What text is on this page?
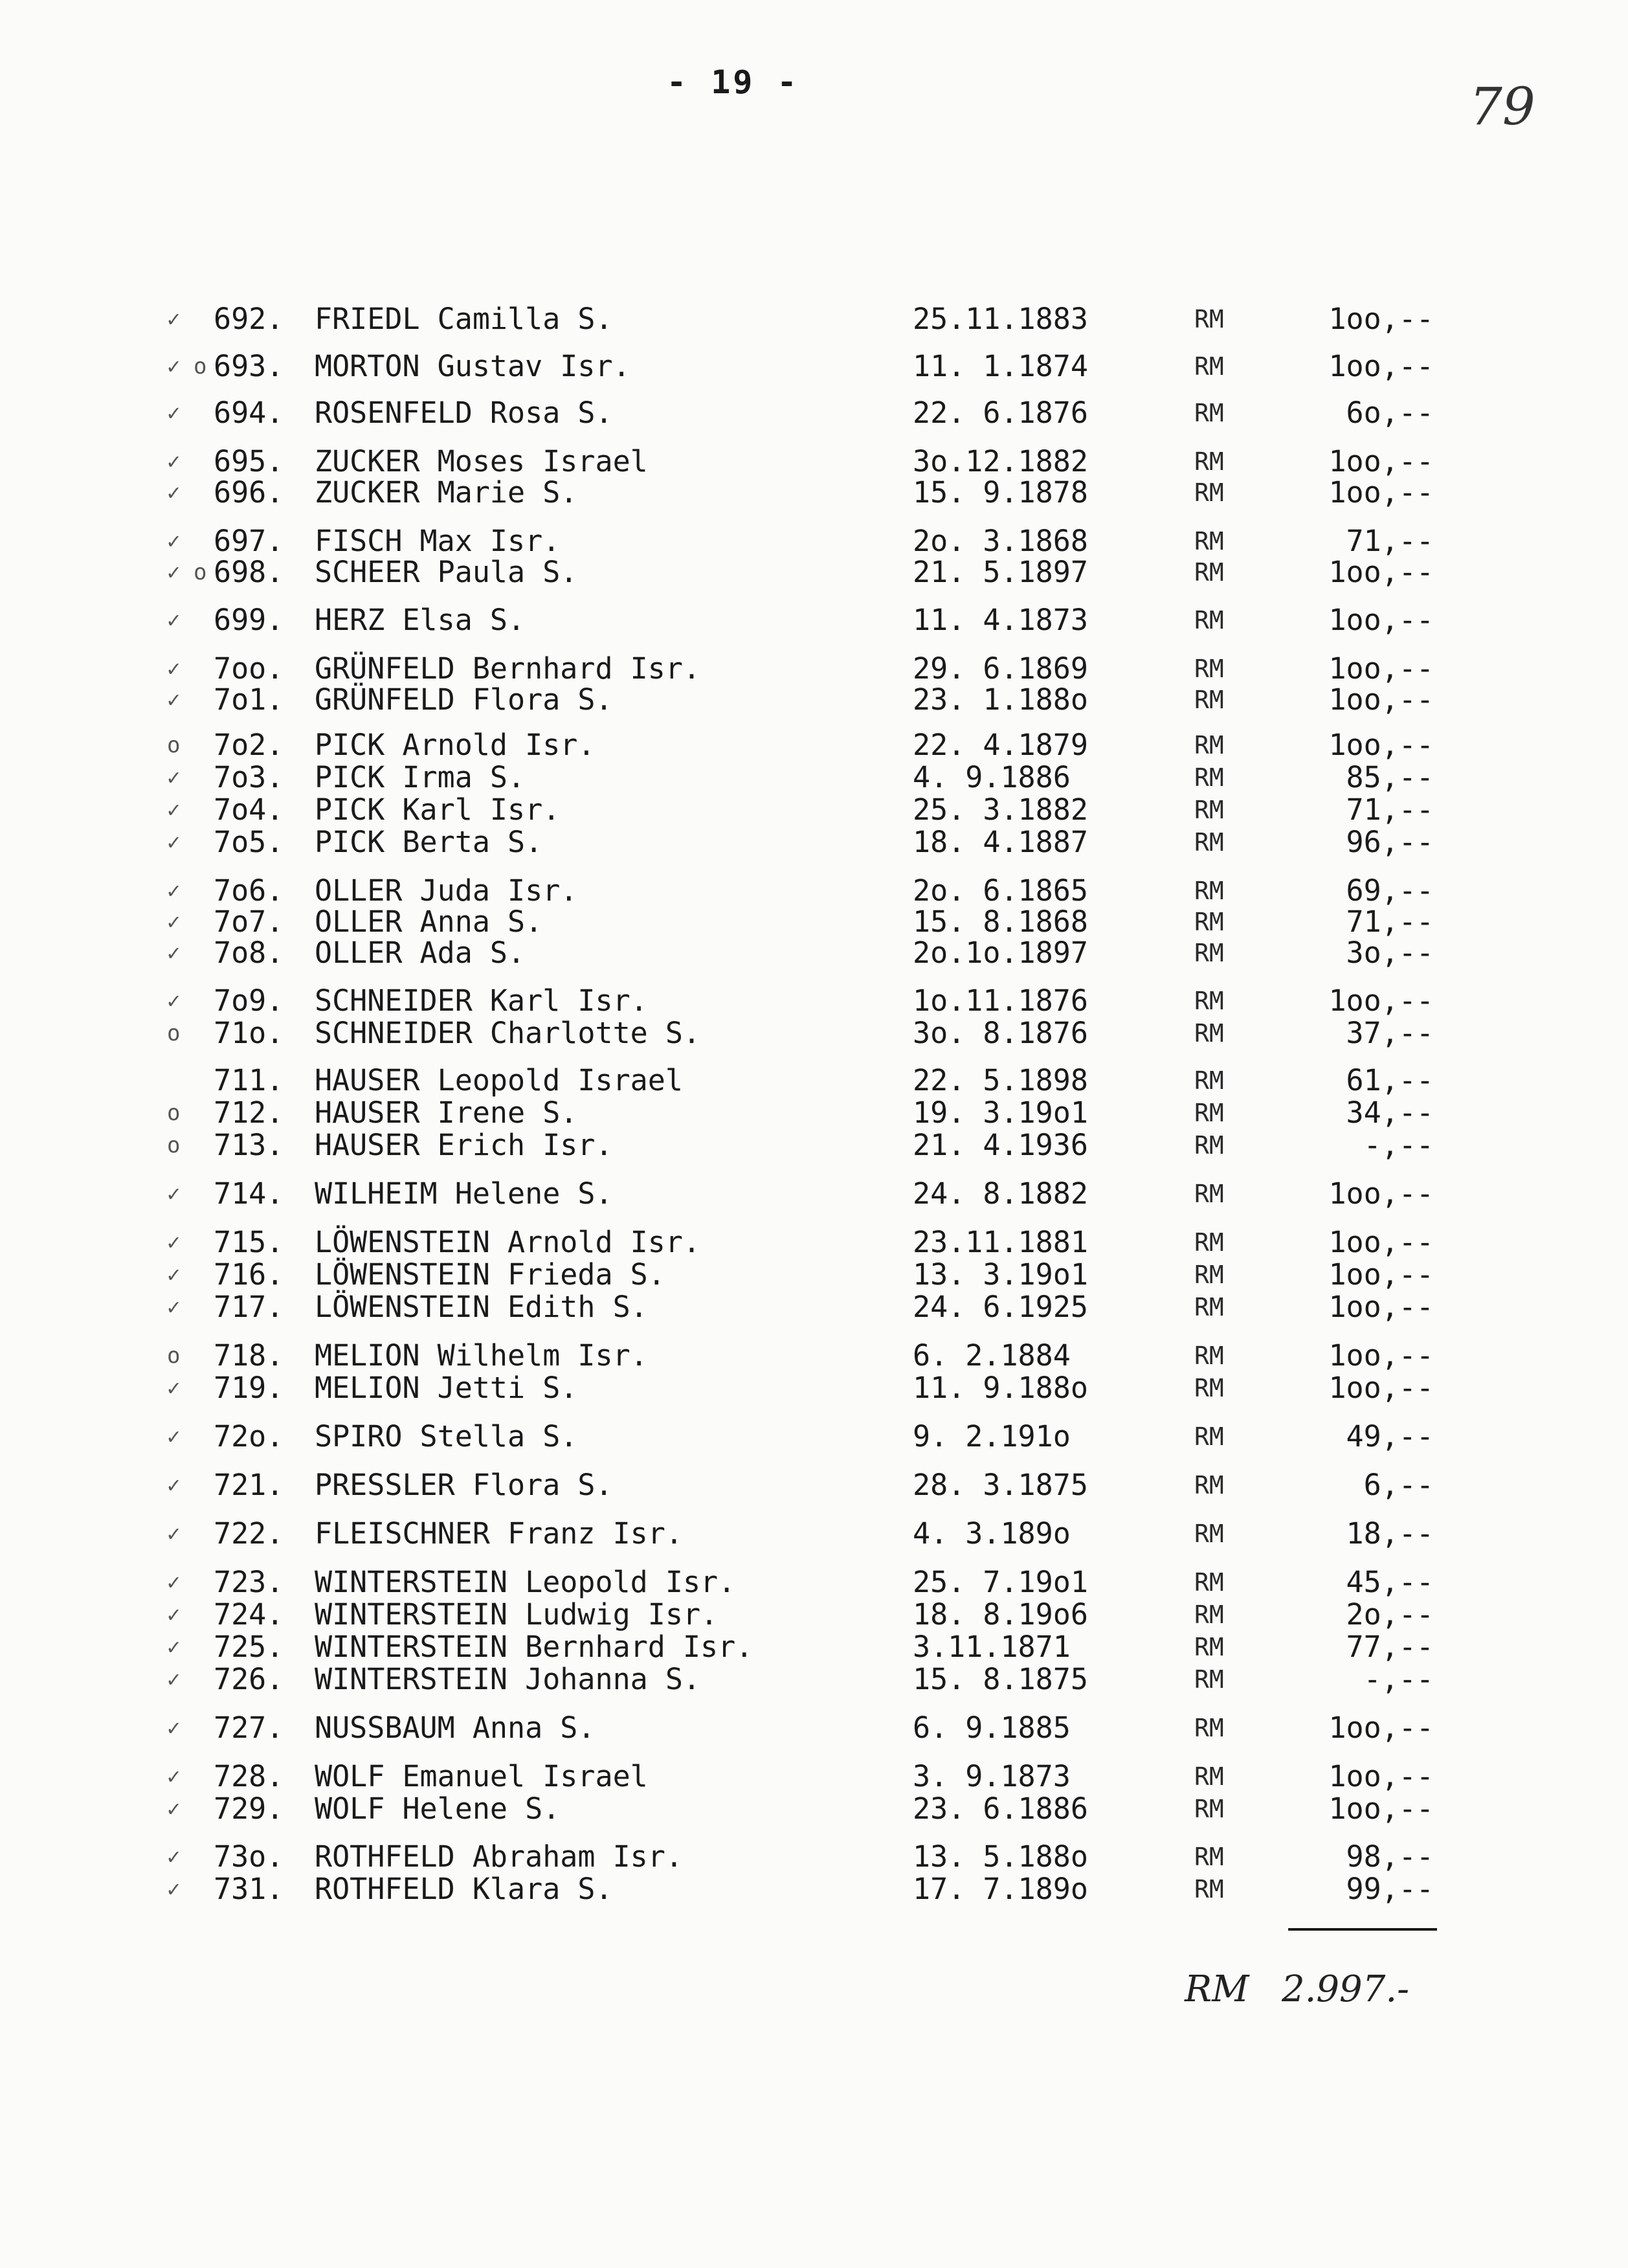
- 19 -	79
✓	692.	FRIEDL Camilla S.	25.11.1883	RM	1oo,--
✓ o 693.	MORTON Gustav Isr.	11. 1.1874	RM	1oo,--
✓	694.	ROSENFELD Rosa S.	22. 6.1876	RM	6o,--
✓	695.	ZUCKER Moses Israel	3o.12.1882	RM	1oo,--
✓	696.	ZUCKER Marie S.	15. 9.1878	RM	1oo,--
✓	697.	FISCH Max Isr.	2o. 3.1868	RM	71,--
✓ o 698.	SCHEER Paula S.	21. 5.1897	RM	1oo,--
✓	699.	HERZ Elsa S.	11. 4.1873	RM	1oo,--
✓	7oo.	GRÜNFELD Bernhard Isr.	29. 6.1869	RM	1oo,--
✓	7o1.	GRÜNFELD Flora S.	23. 1.188o	RM	1oo,--
o	7o2.	PICK Arnold Isr.	22. 4.1879	RM	1oo,--
✓	7o3.	PICK Irma S.	4. 9.1886	RM	85,--
✓	7o4.	PICK Karl Isr.	25. 3.1882	RM	71,--
✓	7o5.	PICK Berta S.	18. 4.1887	RM	96,--
✓	7o6.	OLLER Juda Isr.	2o. 6.1865	RM	69,--
✓	7o7.	OLLER Anna S.	15. 8.1868	RM	71,--
✓	7o8.	OLLER Ada S.	2o.1o.1897	RM	3o,--
✓	7o9.	SCHNEIDER Karl Isr.	1o.11.1876	RM	1oo,--
o	71o.	SCHNEIDER Charlotte S.	3o. 8.1876	RM	37,--
711.	HAUSER Leopold Israel	22. 5.1898	RM	61,--
o	712.	HAUSER Irene S.	19. 3.19o1	RM	34,--
o	713.	HAUSER Erich Isr.	21. 4.1936	RM	-,--
✓	714.	WILHEIM Helene S.	24. 8.1882	RM	1oo,--
✓	715.	LÖWENSTEIN Arnold Isr.	23.11.1881	RM	1oo,--
✓	716.	LÖWENSTEIN Frieda S.	13. 3.19o1	RM	1oo,--
✓	717.	LÖWENSTEIN Edith S.	24. 6.1925	RM	1oo,--
o	718.	MELION Wilhelm Isr.	6. 2.1884	RM	1oo,--
✓	719.	MELION Jetti S.	11. 9.188o	RM	1oo,--
✓	72o.	SPIRO Stella S.	9. 2.191o	RM	49,--
✓	721.	PRESSLER Flora S.	28. 3.1875	RM	6,--
✓	722.	FLEISCHNER Franz Isr.	4. 3.189o	RM	18,--
✓	723.	WINTERSTEIN Leopold Isr.	25. 7.19o1	RM	45,--
✓	724.	WINTERSTEIN Ludwig Isr.	18. 8.19o6	RM	2o,--
✓	725.	WINTERSTEIN Bernhard Isr.	3.11.1871	RM	77,--
✓	726.	WINTERSTEIN Johanna S.	15. 8.1875	RM	-,--
✓	727.	NUSSBAUM Anna S.	6. 9.1885	RM	1oo,--
✓	728.	WOLF Emanuel Israel	3. 9.1873	RM	1oo,--
✓	729.	WOLF Helene S.	23. 6.1886	RM	1oo,--
✓	73o.	ROTHFELD Abraham Isr.	13. 5.188o	RM	98,--
✓	731.	ROTHFELD Klara S.	17. 7.189o	RM	99,--
RM 2.997.-
